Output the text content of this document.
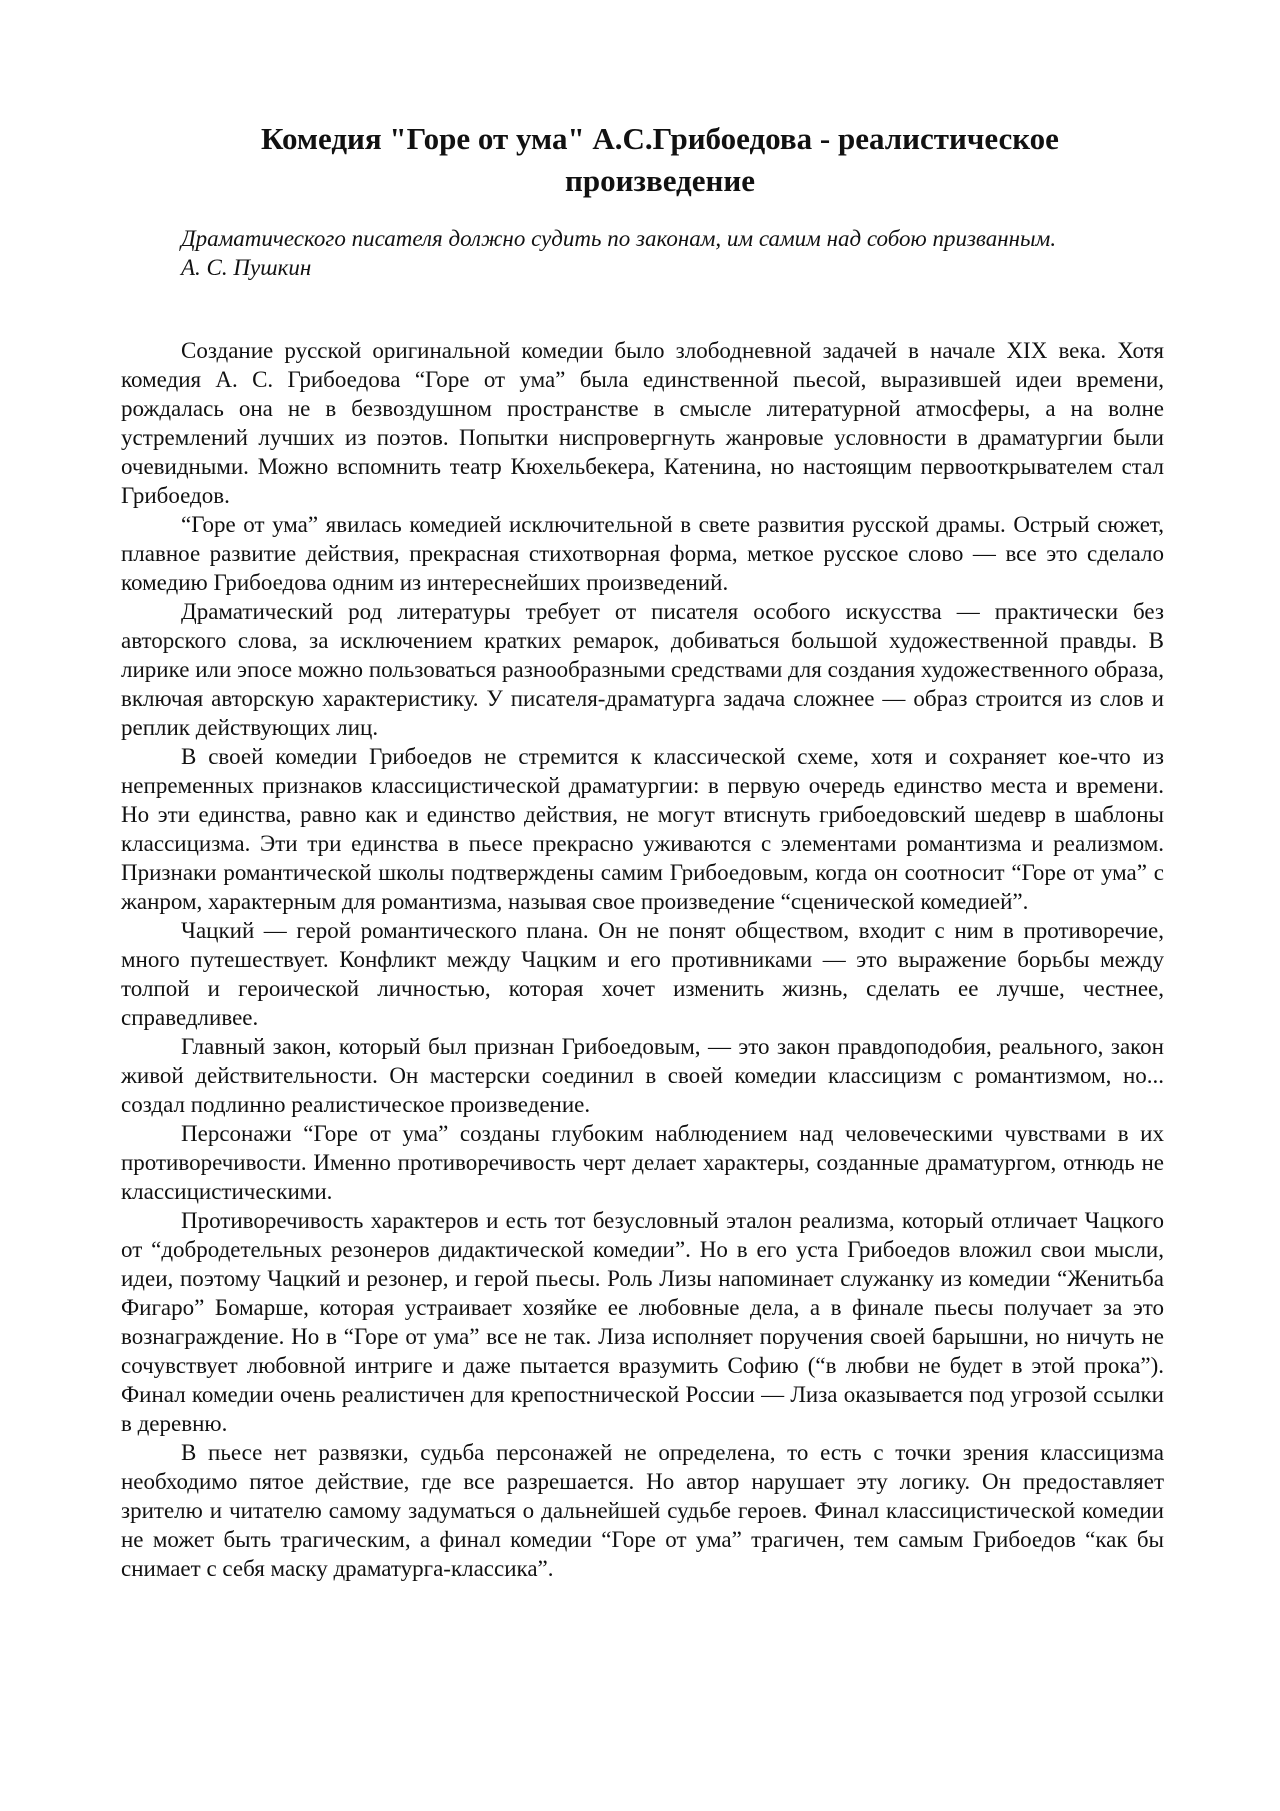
Комедия "Горе от ума" А.С.Грибоедова - реалистическое
произведение

Драматического писателя должно судить по законам, им самим над собою призванным.

А. С. Пушкин

Создание русской оригинальной комедии было злободневной задачей в начале XIX века. Хотя комедия А. С. Грибоедова “Горе от ума” была единственной пьесой, выразившей идеи времени, рождалась она не в безвоздушном пространстве в смысле литературной атмосферы, а на волне устремлений лучших из поэтов. Попытки ниспровергнуть жанровые условности в драматургии были очевидными. Можно вспомнить театр Кюхельбекера, Катенина, но настоящим первооткрывателем стал Грибоедов.

“Горе от ума” явилась комедией исключительной в свете развития русской драмы. Острый сюжет, плавное развитие действия, прекрасная стихотворная форма, меткое русское слово — все это сделало комедию Грибоедова одним из интереснейших произведений.

Драматический род литературы требует от писателя особого искусства — практически без авторского слова, за исключением кратких ремарок, добиваться большой художественной правды. В лирике или эпосе можно пользоваться разнообразными средствами для создания художественного образа, включая авторскую характеристику. У писателя-драматурга задача сложнее — образ строится из слов и реплик действующих лиц.

В своей комедии Грибоедов не стремится к классической схеме, хотя и сохраняет кое-что из непременных признаков классицистической драматургии: в первую очередь единство места и времени. Но эти единства, равно как и единство действия, не могут втиснуть грибоедовский шедевр в шаблоны классицизма. Эти три единства в пьесе прекрасно уживаются с элементами романтизма и реализмом. Признаки романтической школы подтверждены самим Грибоедовым, когда он соотносит “Горе от ума” с жанром, характерным для романтизма, называя свое произведение “сценической комедией”.

Чацкий — герой романтического плана. Он не понят обществом, входит с ним в противоречие, много путешествует. Конфликт между Чацким и его противниками — это выражение борьбы между толпой и героической личностью, которая хочет изменить жизнь, сделать ее лучше, честнее, справедливее.

Главный закон, который был признан Грибоедовым, — это закон правдоподобия, реального, закон живой действительности. Он мастерски соединил в своей комедии классицизм с романтизмом, но... создал подлинно реалистическое произведение.

Персонажи “Горе от ума” созданы глубоким наблюдением над человеческими чувствами в их противоречивости. Именно противоречивость черт делает характеры, созданные драматургом, отнюдь не классицистическими.

Противоречивость характеров и есть тот безусловный эталон реализма, который отличает Чацкого от “добродетельных резонеров дидактической комедии”. Но в его уста Грибоедов вложил свои мысли, идеи, поэтому Чацкий и резонер, и герой пьесы. Роль Лизы напоминает служанку из комедии “Женитьба Фигаро” Бомарше, которая устраивает хозяйке ее любовные дела, а в финале пьесы получает за это вознаграждение. Но в “Горе от ума” все не так. Лиза исполняет поручения своей барышни, но ничуть не сочувствует любовной интриге и даже пытается вразумить Софию (“в любви не будет в этой прока”). Финал комедии очень реалистичен для крепостнической России — Лиза оказывается под угрозой ссылки в деревню.

В пьесе нет развязки, судьба персонажей не определена, то есть с точки зрения классицизма необходимо пятое действие, где все разрешается. Но автор нарушает эту логику. Он предоставляет зрителю и читателю самому задуматься о дальнейшей судьбе героев. Финал классицистической комедии не может быть трагическим, а финал комедии “Горе от ума” трагичен, тем самым Грибоедов “как бы снимает с себя маску драматурга-классика”.
